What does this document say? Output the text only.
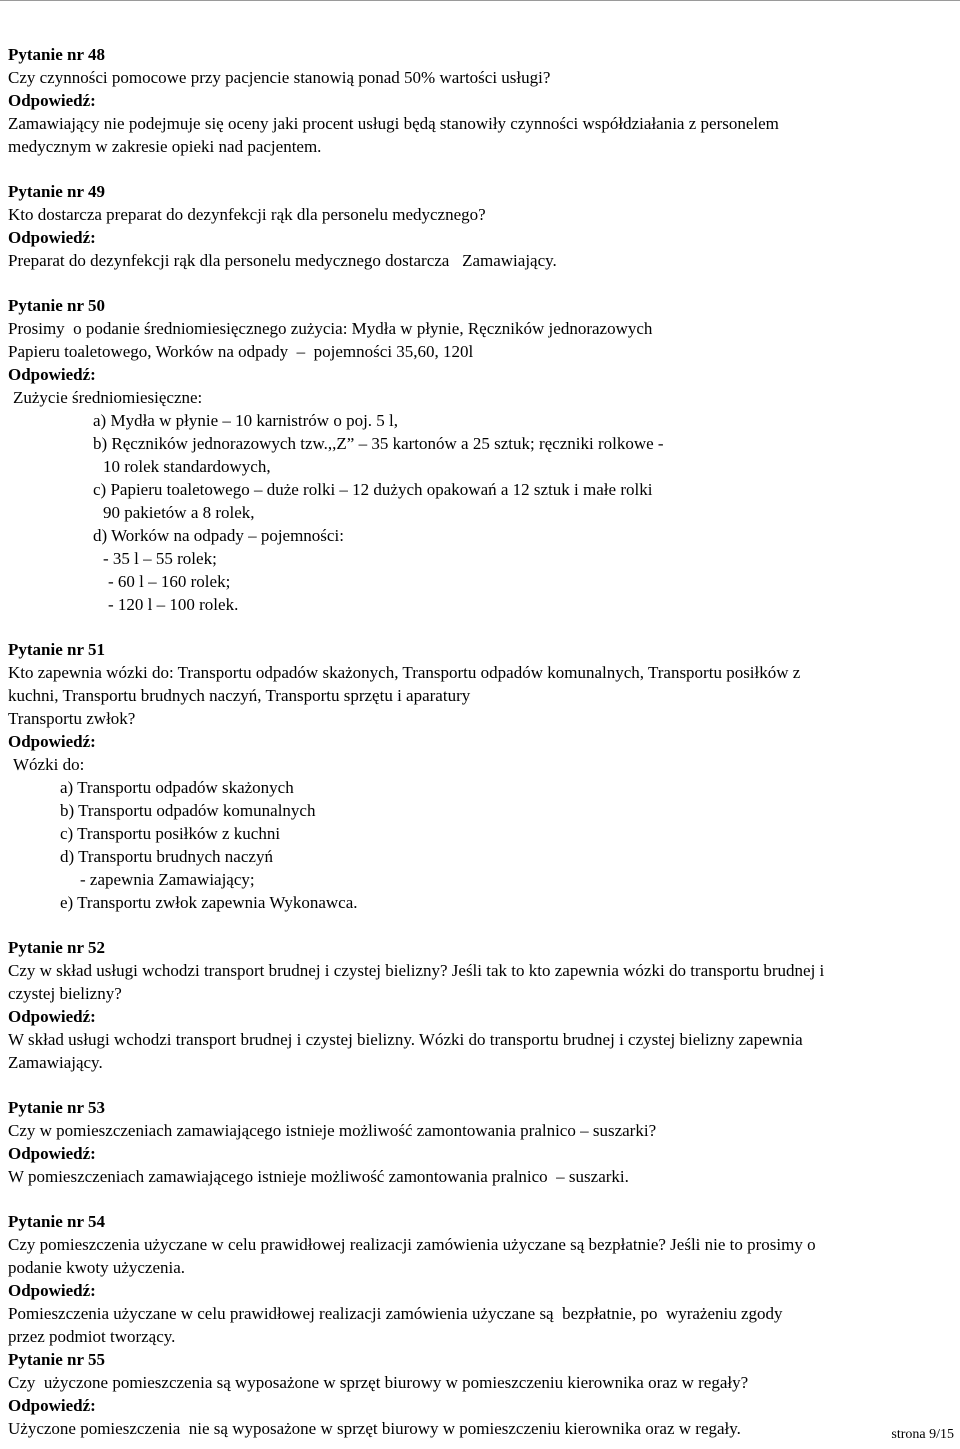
Pytanie nr 48
Czy czynności pomocowe przy pacjencie stanowią ponad 50% wartości usługi?
Odpowiedź:
Zamawiający nie podejmuje się oceny jaki procent usługi będą stanowiły czynności współdziałania z personelem
medycznym w zakresie opieki nad pacjentem.
Pytanie nr 49
Kto dostarcza preparat do dezynfekcji rąk dla personelu medycznego?
Odpowiedź:
Preparat do dezynfekcji rąk dla personelu medycznego dostarcza   Zamawiający.
Pytanie nr 50
Prosimy  o podanie średniomiesięcznego zużycia: Mydła w płynie, Ręczników jednorazowych
Papieru toaletowego, Worków na odpady  –  pojemności 35,60, 120l
Odpowiedź:
Zużycie średniomiesięczne:
a) Mydła w płynie – 10 karnistrów o poj. 5 l,
b) Ręczników jednorazowych tzw.,,Z” – 35 kartonów a 25 sztuk; ręczniki rolkowe -
10 rolek standardowych,
c) Papieru toaletowego – duże rolki – 12 dużych opakowań a 12 sztuk i małe rolki
90 pakietów a 8 rolek,
d) Worków na odpady – pojemności:
- 35 l – 55 rolek;
- 60 l – 160 rolek;
- 120 l – 100 rolek.
Pytanie nr 51
Kto zapewnia wózki do: Transportu odpadów skażonych, Transportu odpadów komunalnych, Transportu posiłków z
kuchni, Transportu brudnych naczyń, Transportu sprzętu i aparatury
Transportu zwłok?
Odpowiedź:
Wózki do:
a) Transportu odpadów skażonych
b) Transportu odpadów komunalnych
c) Transportu posiłków z kuchni
d) Transportu brudnych naczyń
- zapewnia Zamawiający;
e) Transportu zwłok zapewnia Wykonawca.
Pytanie nr 52
Czy w skład usługi wchodzi transport brudnej i czystej bielizny? Jeśli tak to kto zapewnia wózki do transportu brudnej i
czystej bielizny?
Odpowiedź:
W skład usługi wchodzi transport brudnej i czystej bielizny. Wózki do transportu brudnej i czystej bielizny zapewnia
Zamawiający.
Pytanie nr 53
Czy w pomieszczeniach zamawiającego istnieje możliwość zamontowania pralnico – suszarki?
Odpowiedź:
W pomieszczeniach zamawiającego istnieje możliwość zamontowania pralnico  – suszarki.
Pytanie nr 54
Czy pomieszczenia użyczane w celu prawidłowej realizacji zamówienia użyczane są bezpłatnie? Jeśli nie to prosimy o
podanie kwoty użyczenia.
Odpowiedź:
Pomieszczenia użyczane w celu prawidłowej realizacji zamówienia użyczane są  bezpłatnie, po  wyrażeniu zgody
przez podmiot tworzący.
Pytanie nr 55
Czy  użyczone pomieszczenia są wyposażone w sprzęt biurowy w pomieszczeniu kierownika oraz w regały?
Odpowiedź:
Użyczone pomieszczenia  nie są wyposażone w sprzęt biurowy w pomieszczeniu kierownika oraz w regały.	strona 9/15
